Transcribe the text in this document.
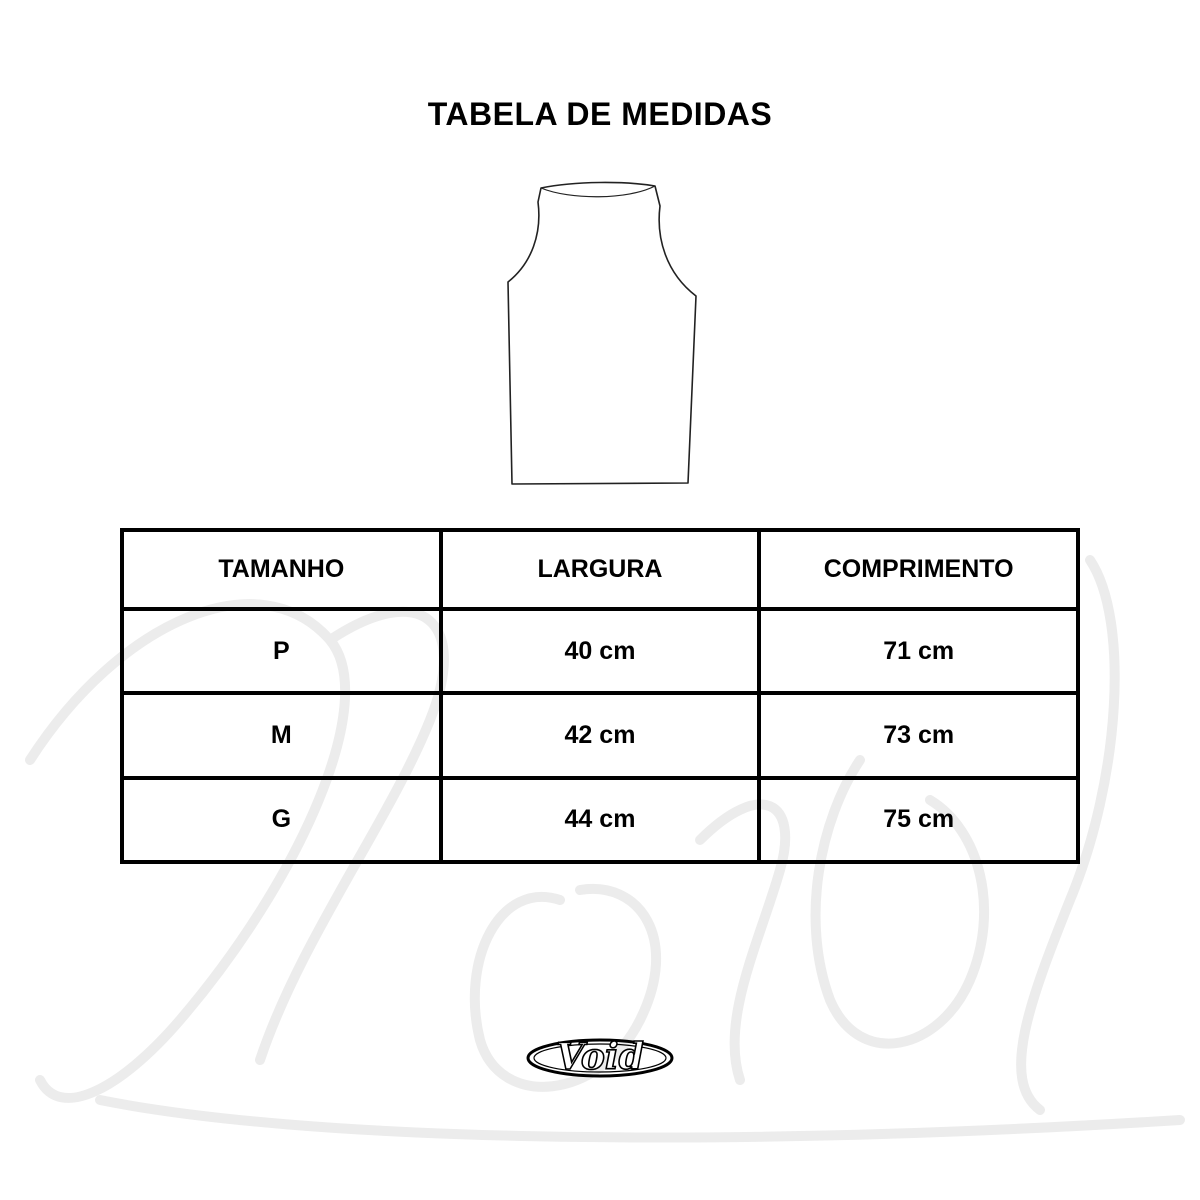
TABELA DE MEDIDAS
TAMANHO	LARGURA	COMPRIMENTO
P	40 cm	71 cm
M	42 cm	73 cm
G	44 cm	75 cm
Void
